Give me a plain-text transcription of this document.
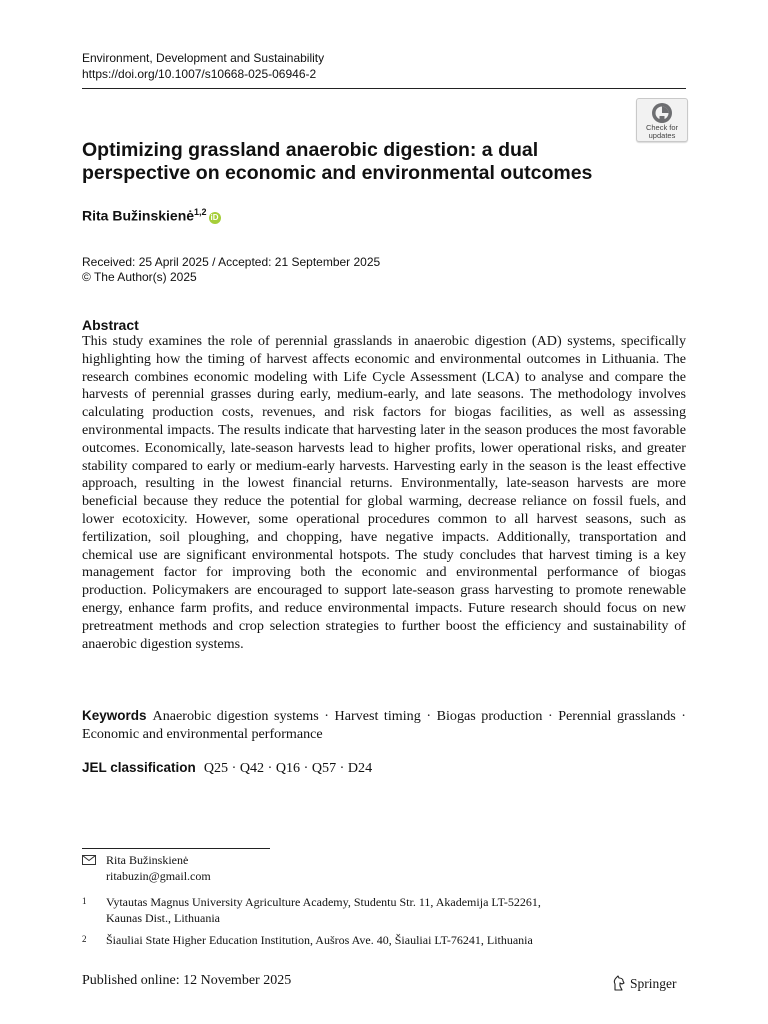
Environment, Development and Sustainability
https://doi.org/10.1007/s10668-025-06946-2
Check for
updates
Optimizing grassland anaerobic digestion: a dual perspective on economic and environmental outcomes
Rita Bužinskienė$^{1,2}$iD
Received: 25 April 2025 / Accepted: 21 September 2025
© The Author(s) 2025
Abstract
This study examines the role of perennial grasslands in anaerobic digestion (AD) systems, specifically highlighting how the timing of harvest affects economic and environmental outcomes in Lithuania. The research combines economic modeling with Life Cycle Assessment (LCA) to analyse and compare the harvests of perennial grasses during early, medium-early, and late seasons. The methodology involves calculating production costs, revenues, and risk factors for biogas facilities, as well as assessing environmental impacts. The results indicate that harvesting later in the season produces the most favorable outcomes. Economically, late-season harvests lead to higher profits, lower operational risks, and greater stability compared to early or medium-early harvests. Harvesting early in the season is the least effective approach, resulting in the lowest financial returns. Environmentally, late-season harvests are more beneficial because they reduce the potential for global warming, decrease reliance on fossil fuels, and lower ecotoxicity. However, some operational procedures common to all harvest seasons, such as fertilization, soil ploughing, and chopping, have negative impacts. Additionally, transportation and chemical use are significant environmental hotspots. The study concludes that harvest timing is a key management factor for improving both the economic and environmental performance of biogas production. Policymakers are encouraged to support late-season grass harvesting to promote renewable energy, enhance farm profits, and reduce environmental impacts. Future research should focus on new pretreatment methods and crop selection strategies to further boost the efficiency and sustainability of anaerobic digestion systems.
Keywords Anaerobic digestion systems · Harvest timing · Biogas production · Perennial grasslands · Economic and environmental performance
JEL classification Q25 · Q42 · Q16 · Q57 · D24
Rita Bužinskienė
ritabuzin@gmail.com
1 Vytautas Magnus University Agriculture Academy, Studentu Str. 11, Akademija LT-52261,
Kaunas Dist., Lithuania
2 Šiauliai State Higher Education Institution, Aušros Ave. 40, Šiauliai LT-76241, Lithuania
Published online: 12 November 2025	Springer
